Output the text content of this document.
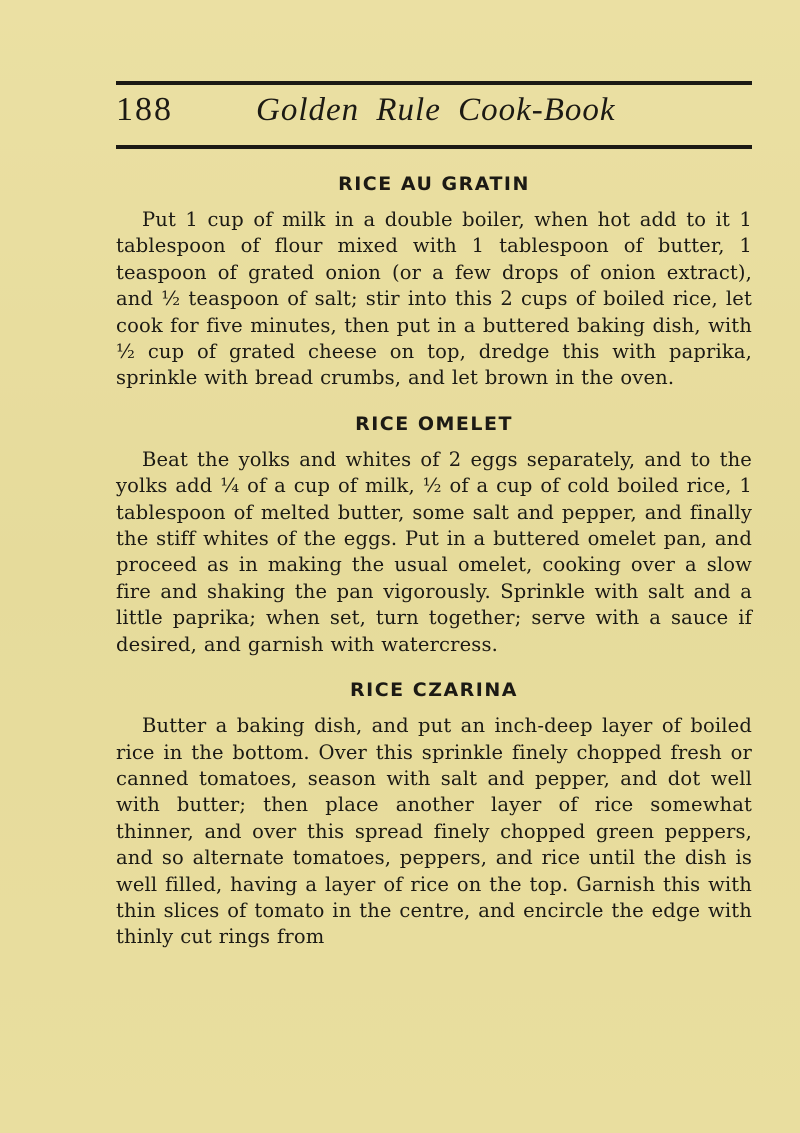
188	Golden Rule Cook-Book
RICE AU GRATIN

Put 1 cup of milk in a double boiler, when hot add to it 1 tablespoon of flour mixed with 1 tablespoon of butter, 1 teaspoon of grated onion (or a few drops of onion extract), and ½ teaspoon of salt; stir into this 2 cups of boiled rice, let cook for five minutes, then put in a buttered baking dish, with ½ cup of grated cheese on top, dredge this with paprika, sprinkle with bread crumbs, and let brown in the oven.

RICE OMELET

Beat the yolks and whites of 2 eggs separately, and to the yolks add ¼ of a cup of milk, ½ of a cup of cold boiled rice, 1 tablespoon of melted butter, some salt and pepper, and finally the stiff whites of the eggs. Put in a buttered omelet pan, and proceed as in making the usual omelet, cooking over a slow fire and shaking the pan vigorously. Sprinkle with salt and a little paprika; when set, turn together; serve with a sauce if desired, and garnish with watercress.

RICE CZARINA

Butter a baking dish, and put an inch-deep layer of boiled rice in the bottom. Over this sprinkle finely chopped fresh or canned tomatoes, season with salt and pepper, and dot well with butter; then place another layer of rice somewhat thinner, and over this spread finely chopped green peppers, and so alternate tomatoes, peppers, and rice until the dish is well filled, having a layer of rice on the top. Garnish this with thin slices of tomato in the centre, and encircle the edge with thinly cut rings from
